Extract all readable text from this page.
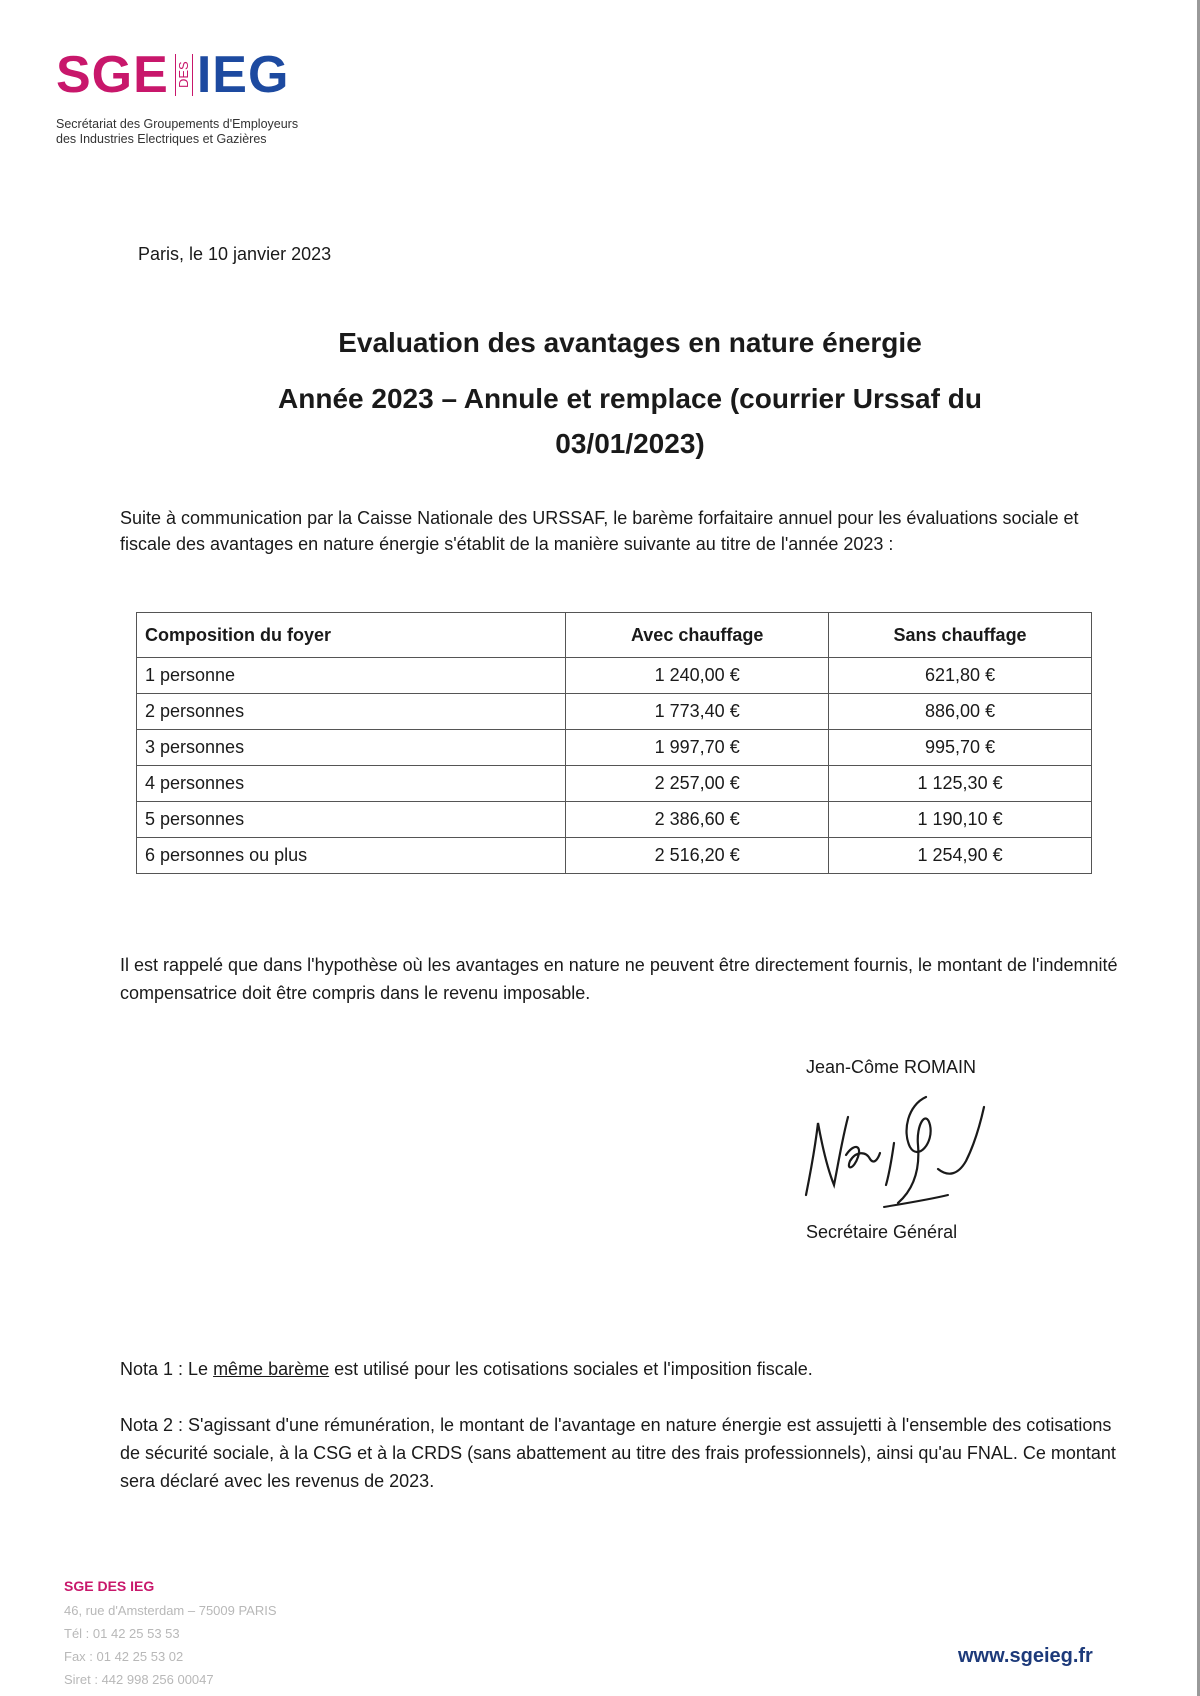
SGE DES IEG
Secrétariat des Groupements d'Employeurs
des Industries Electriques et Gazières
Paris, le 10 janvier 2023
Evaluation des avantages en nature énergie
Année 2023 – Annule et remplace (courrier Urssaf du
03/01/2023)
Suite à communication par la Caisse Nationale des URSSAF, le barème forfaitaire annuel pour les évaluations sociale et fiscale des avantages en nature énergie s'établit de la manière suivante au titre de l'année 2023 :
Composition du foyer	Avec chauffage	Sans chauffage
1 personne	1 240,00 €	621,80 €
2 personnes	1 773,40 €	886,00 €
3 personnes	1 997,70 €	995,70 €
4 personnes	2 257,00 €	1 125,30 €
5 personnes	2 386,60 €	1 190,10 €
6 personnes ou plus	2 516,20 €	1 254,90 €
Il est rappelé que dans l'hypothèse où les avantages en nature ne peuvent être directement fournis, le montant de l'indemnité compensatrice doit être compris dans le revenu imposable.
Jean-Côme ROMAIN
Secrétaire Général
Nota 1 : Le même barème est utilisé pour les cotisations sociales et l'imposition fiscale.
Nota 2 : S'agissant d'une rémunération, le montant de l'avantage en nature énergie est assujetti à l'ensemble des cotisations de sécurité sociale, à la CSG et à la CRDS (sans abattement au titre des frais professionnels), ainsi qu'au FNAL. Ce montant sera déclaré avec les revenus de 2023.
SGE DES IEG
46, rue d'Amsterdam – 75009 PARIS
Tél : 01 42 25 53 53
Fax : 01 42 25 53 02
Siret : 442 998 256 00047
www.sgeieg.fr
